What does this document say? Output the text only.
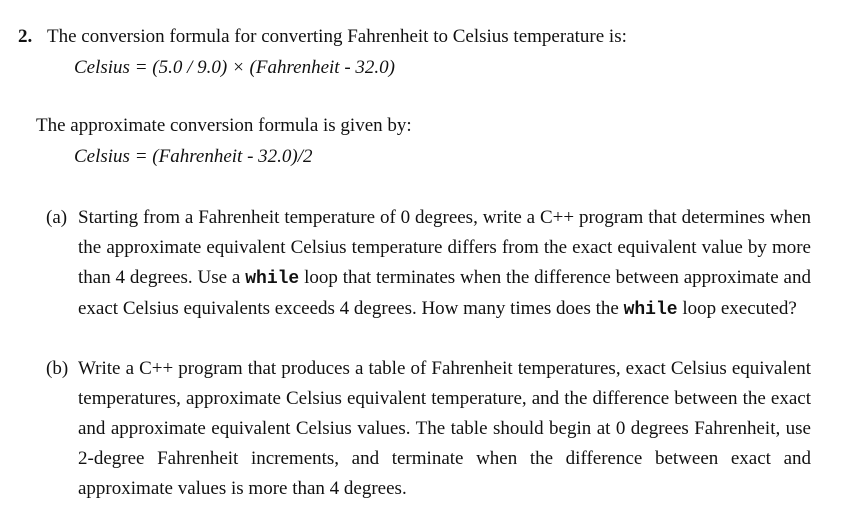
2. The conversion formula for converting Fahrenheit to Celsius temperature is:
Celsius = (5.0 / 9.0) × (Fahrenheit - 32.0)
The approximate conversion formula is given by:
Celsius = (Fahrenheit - 32.0)/2
(a) Starting from a Fahrenheit temperature of 0 degrees, write a C++ program that determines when the approximate equivalent Celsius temperature differs from the exact equivalent value by more than 4 degrees. Use a while loop that terminates when the difference between approximate and exact Celsius equivalents exceeds 4 degrees. How many times does the while loop executed?
(b) Write a C++ program that produces a table of Fahrenheit temperatures, exact Celsius equivalent temperatures, approximate Celsius equivalent temperature, and the difference between the exact and approximate equivalent Celsius values. The table should begin at 0 degrees Fahrenheit, use 2-degree Fahrenheit increments, and terminate when the difference between exact and approximate values is more than 4 degrees.
